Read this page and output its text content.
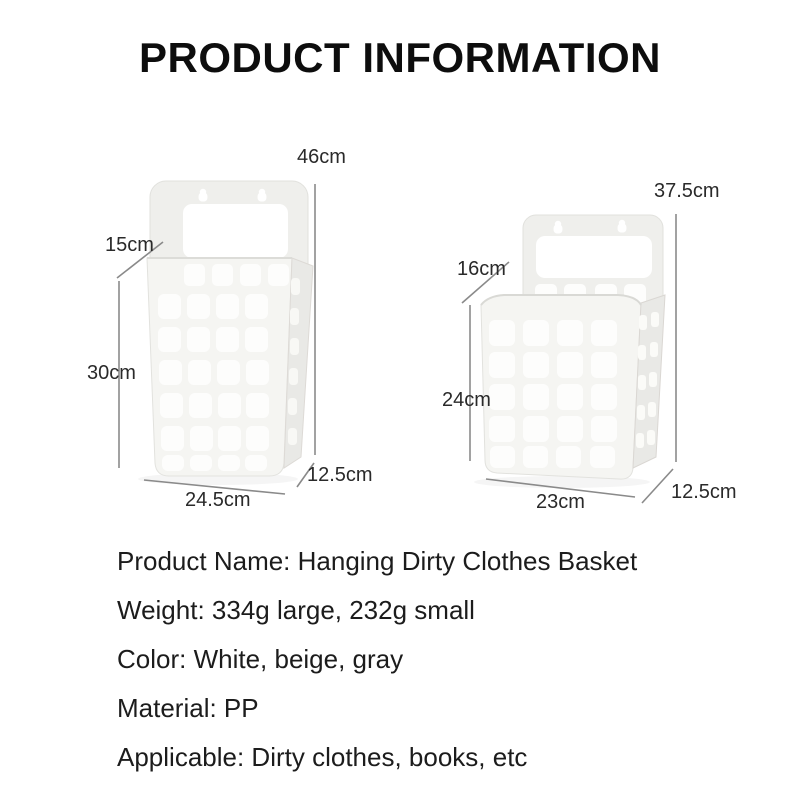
PRODUCT INFORMATION
46cm
15cm
30cm
24.5cm
12.5cm
37.5cm
16cm
24cm
23cm	12.5cm

Product Name: Hanging Dirty Clothes Basket

Weight: 334g large, 232g small

Color: White, beige, gray

Material: PP

Applicable: Dirty clothes, books, etc
